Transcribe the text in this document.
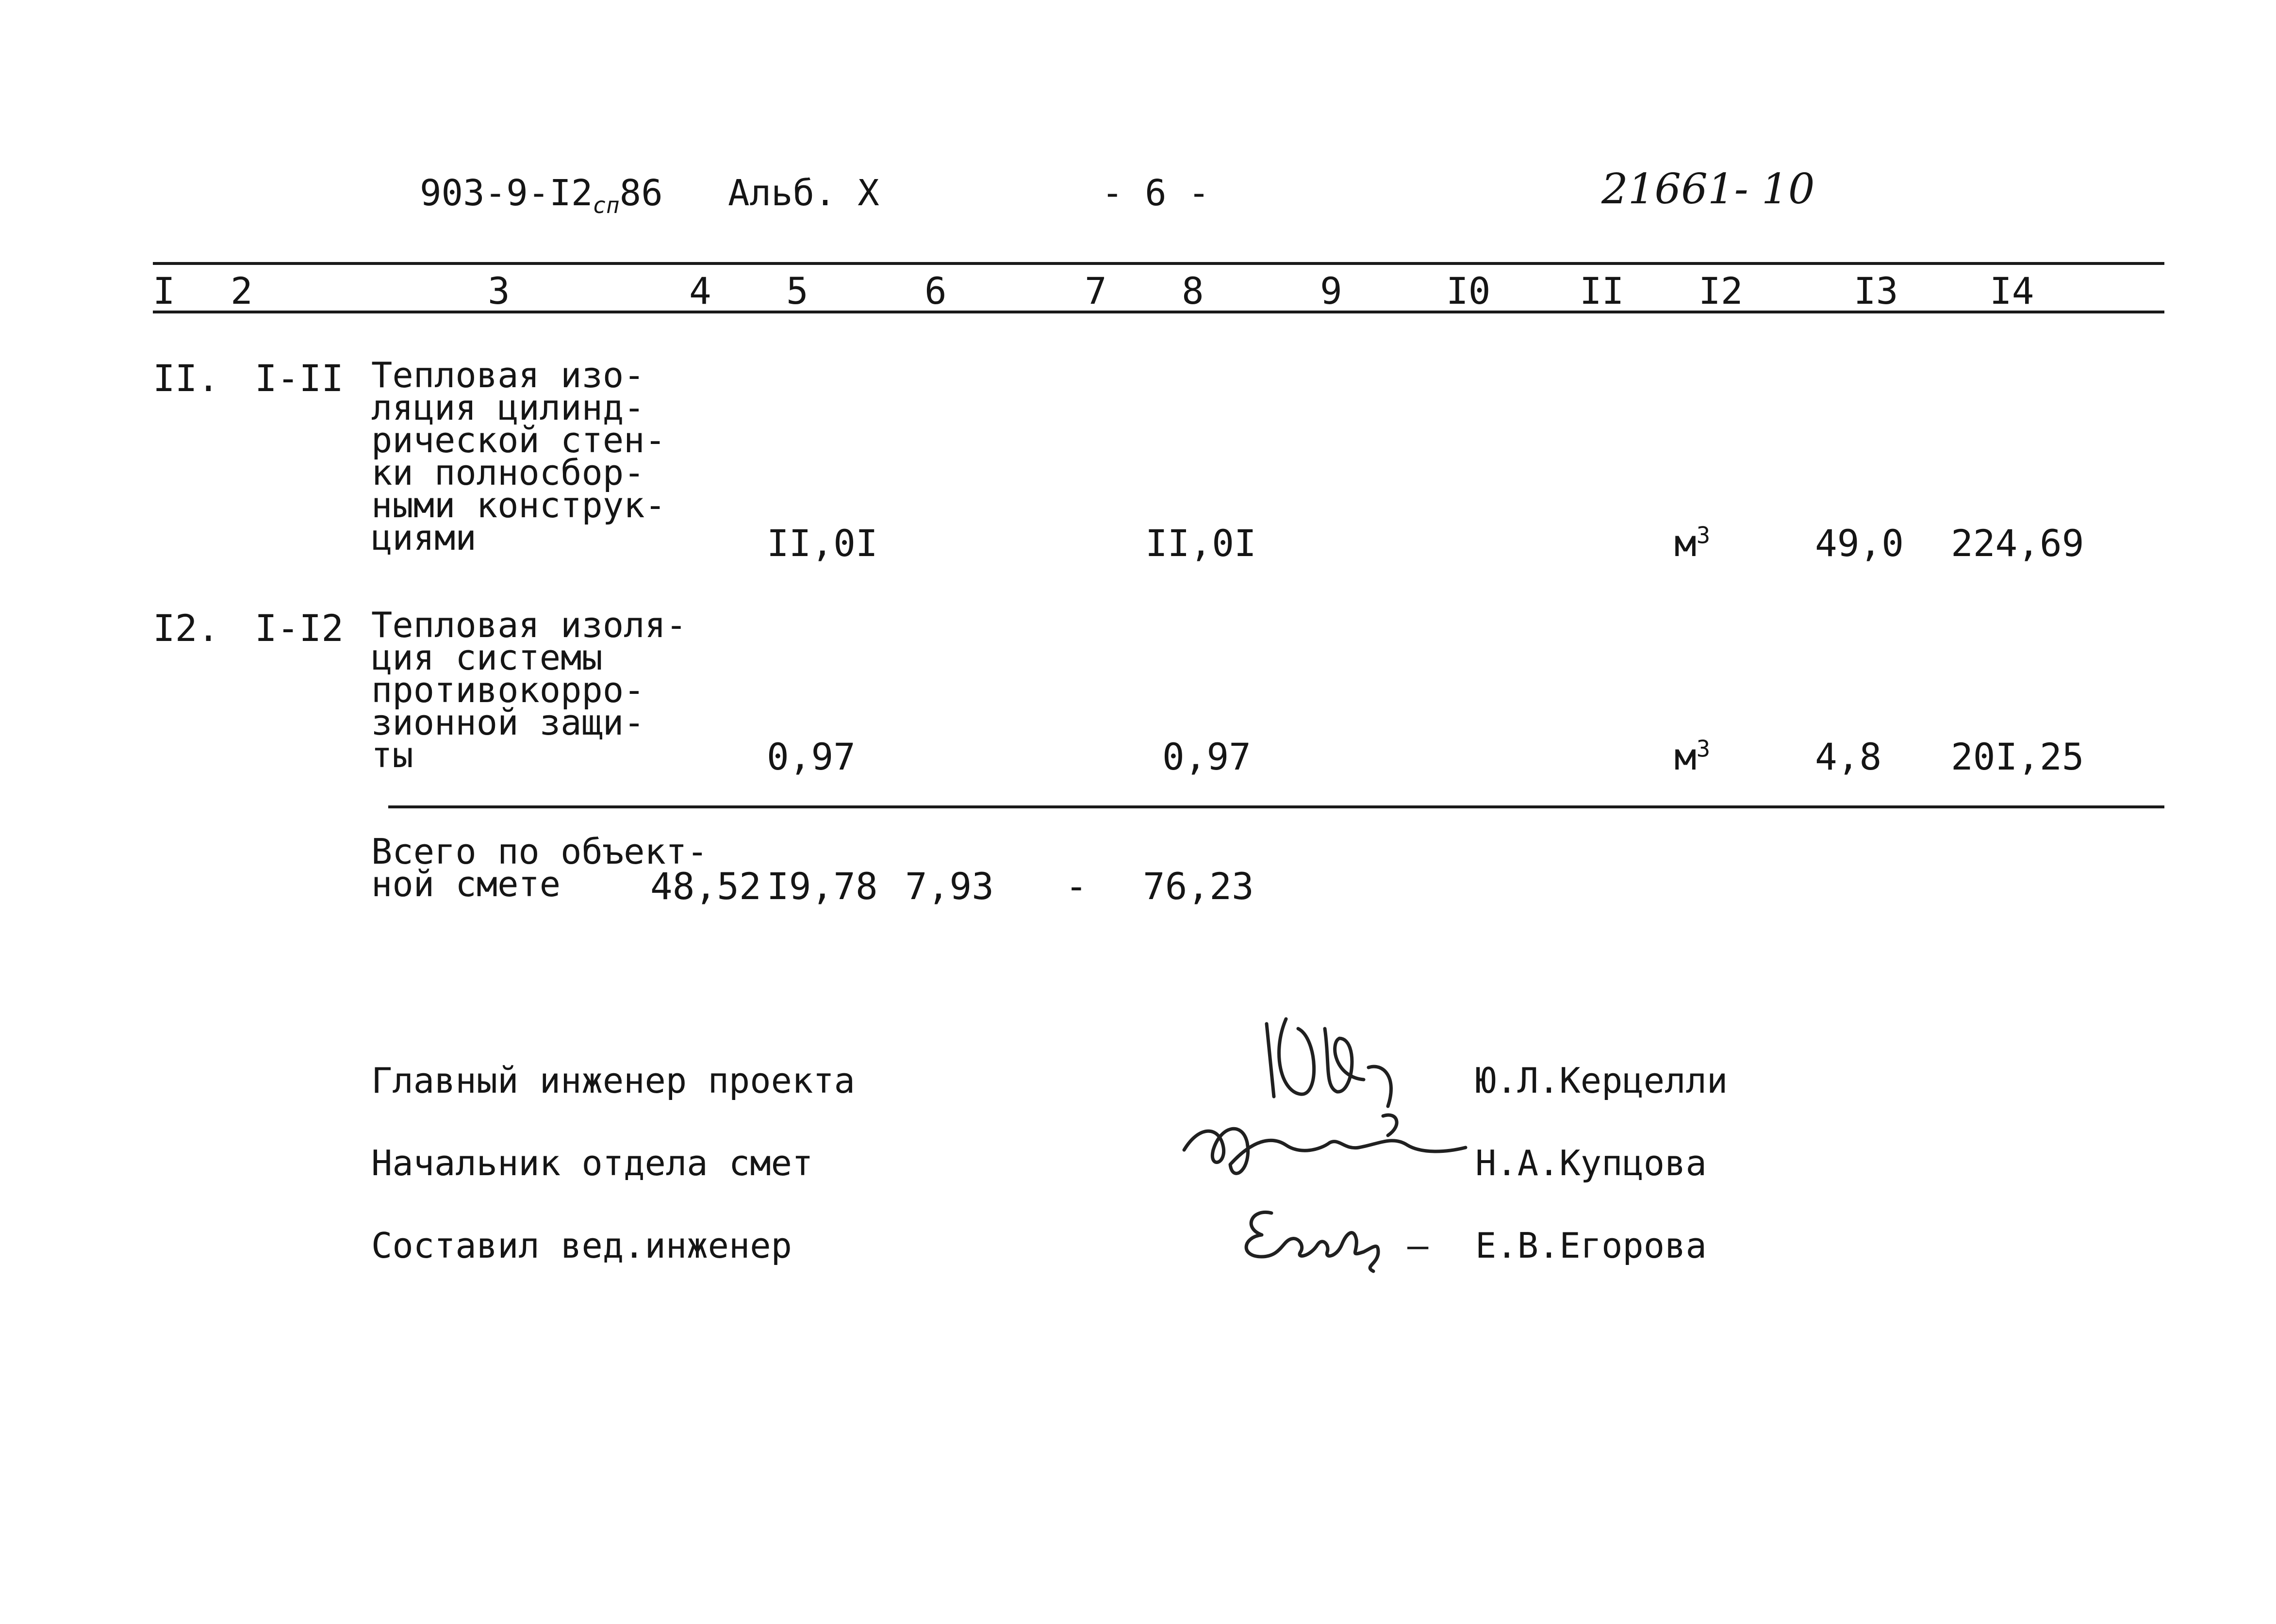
$903-9-I2_{сп}86$ Альб. X	- 6 -	21661- 10
I 2	3	4 5	6	7 8	9	I0 II I2	I3 I4
II. I-II Тепловая изо-
ляция цилинд-
рической стен-
ки полносбор-
ными конструк-
циями	II,0I	II,0I	$м^3$	49,0 224,69
I2. I-I2 Тепловая изоля-
ция системы
противокорро-
зионной защи-
ты	0,97	0,97	$м^3$	4,8 20I,25
Всего по объект-
ной смете	48,52 I9,78 7,93 - 76,23
Главный инженер проекта	Ю.Л.Керцелли
Начальник отдела смет	Н.А.Купцова
Составил вед.инженер	— Е.В.Егорова
